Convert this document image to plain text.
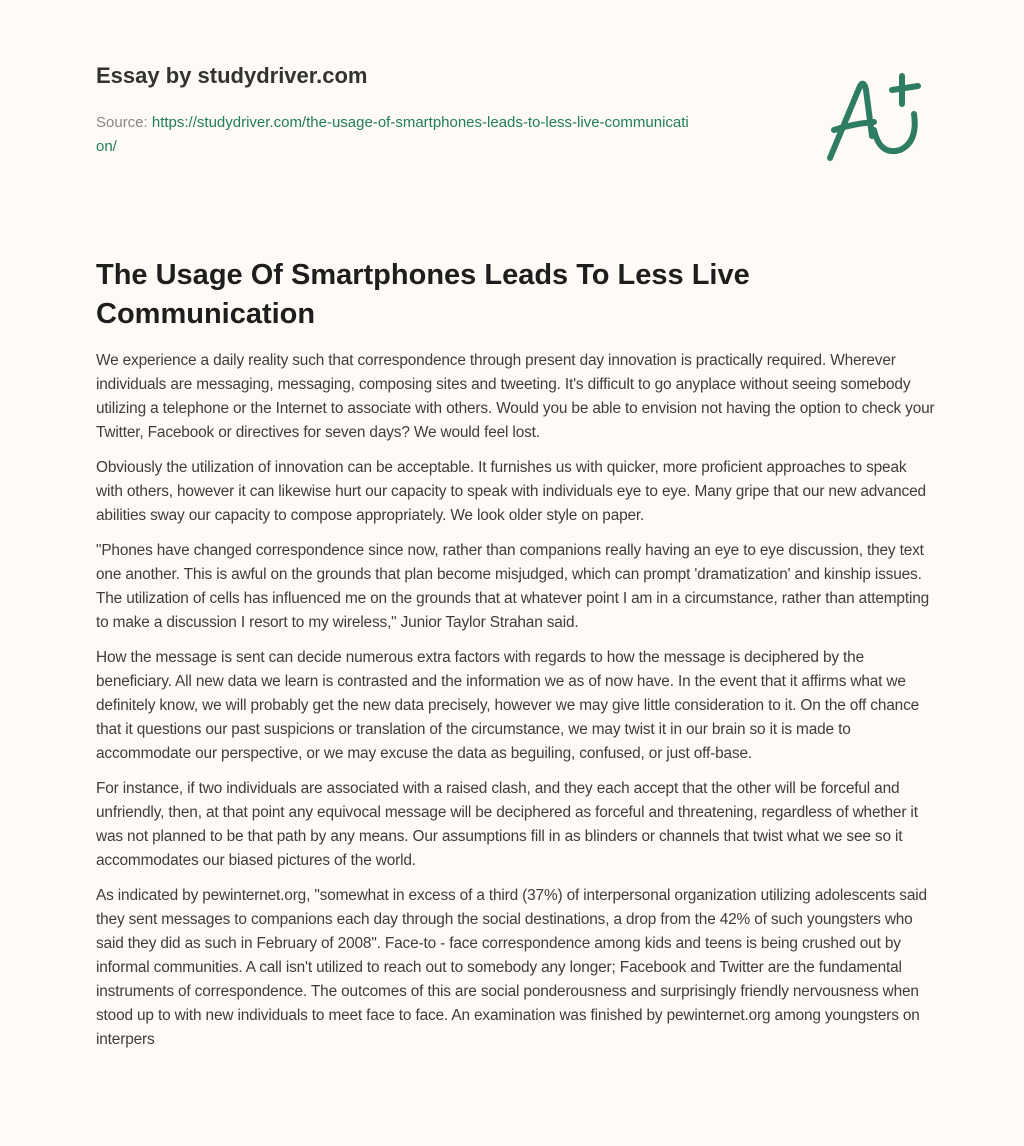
Essay by studydriver.com
Source: https://studydriver.com/the-usage-of-smartphones-leads-to-less-live-communication/
The Usage Of Smartphones Leads To Less Live Communication

We experience a daily reality such that correspondence through present day innovation is practically required. Wherever individuals are messaging, messaging, composing sites and tweeting. It's difficult to go anyplace without seeing somebody utilizing a telephone or the Internet to associate with others. Would you be able to envision not having the option to check your Twitter, Facebook or directives for seven days? We would feel lost.

Obviously the utilization of innovation can be acceptable. It furnishes us with quicker, more proficient approaches to speak with others, however it can likewise hurt our capacity to speak with individuals eye to eye. Many gripe that our new advanced abilities sway our capacity to compose appropriately. We look older style on paper.

"Phones have changed correspondence since now, rather than companions really having an eye to eye discussion, they text one another. This is awful on the grounds that plan become misjudged, which can prompt 'dramatization' and kinship issues. The utilization of cells has influenced me on the grounds that at whatever point I am in a circumstance, rather than attempting to make a discussion I resort to my wireless," Junior Taylor Strahan said.

How the message is sent can decide numerous extra factors with regards to how the message is deciphered by the beneficiary. All new data we learn is contrasted and the information we as of now have. In the event that it affirms what we definitely know, we will probably get the new data precisely, however we may give little consideration to it. On the off chance that it questions our past suspicions or translation of the circumstance, we may twist it in our brain so it is made to accommodate our perspective, or we may excuse the data as beguiling, confused, or just off-base.

For instance, if two individuals are associated with a raised clash, and they each accept that the other will be forceful and unfriendly, then, at that point any equivocal message will be deciphered as forceful and threatening, regardless of whether it was not planned to be that path by any means. Our assumptions fill in as blinders or channels that twist what we see so it accommodates our biased pictures of the world.

As indicated by pewinternet.org, "somewhat in excess of a third (37%) of interpersonal organization utilizing adolescents said they sent messages to companions each day through the social destinations, a drop from the 42% of such youngsters who said they did as such in February of 2008". Face-to - face correspondence among kids and teens is being crushed out by informal communities. A call isn't utilized to reach out to somebody any longer; Facebook and Twitter are the fundamental instruments of correspondence. The outcomes of this are social ponderousness and surprisingly friendly nervousness when stood up to with new individuals to meet face to face. An examination was finished by pewinternet.org among youngsters on interpers
